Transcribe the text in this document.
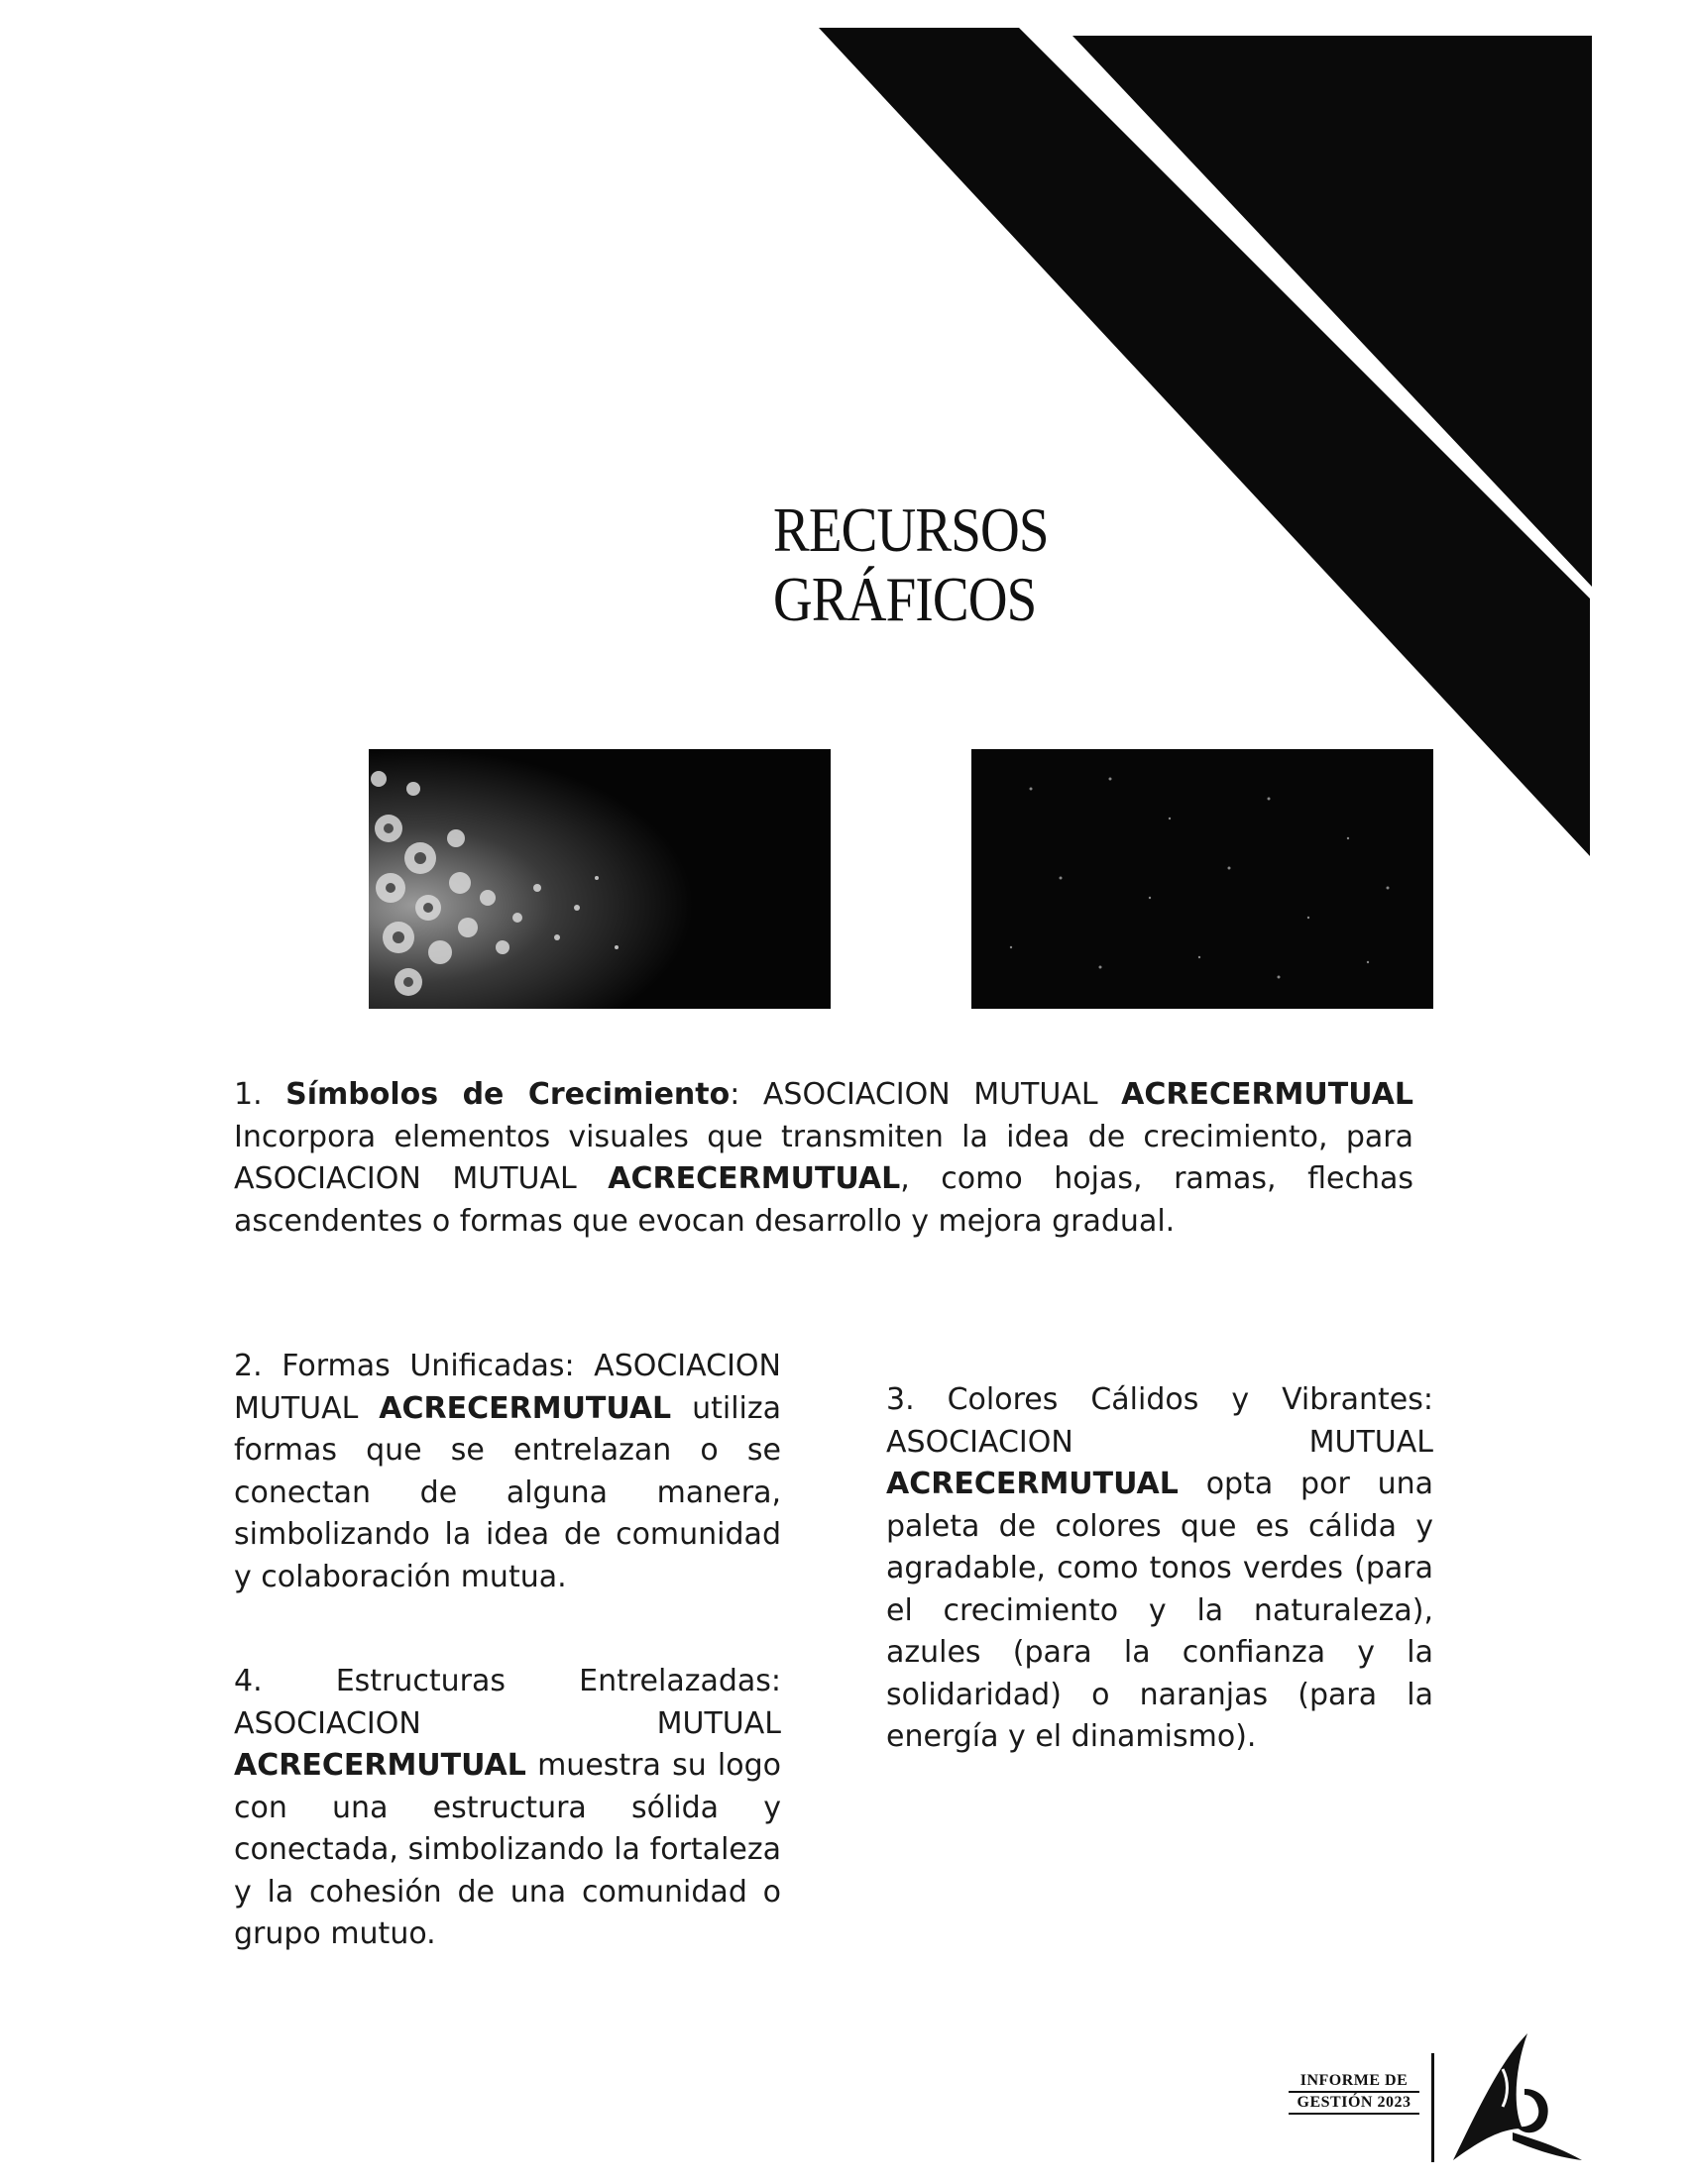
RECURSOS
GRÁFICOS

1. Símbolos de Crecimiento: ASOCIACION MUTUAL ACRECERMUTUAL Incorpora elementos visuales que transmiten la idea de crecimiento, para ASOCIACION MUTUAL ACRECERMUTUAL, como hojas, ramas, flechas ascendentes o formas que evocan desarrollo y mejora gradual.

2. Formas Unificadas: ASOCIACION MUTUAL ACRECERMUTUAL utiliza formas que se entrelazan o se conectan de alguna manera, simbolizando la idea de comunidad y colaboración mutua.

4. Estructuras Entrelazadas: ASOCIACION MUTUAL ACRECERMUTUAL muestra su logo con una estructura sólida y conectada, simbolizando la fortaleza y la cohesión de una comunidad o grupo mutuo.

3. Colores Cálidos y Vibrantes: ASOCIACION MUTUAL ACRECERMUTUAL opta por una paleta de colores que es cálida y agradable, como tonos verdes (para el crecimiento y la naturaleza), azules (para la confianza y la solidaridad) o naranjas (para la energía y el dinamismo).

INFORME DE
GESTIÓN 2023
